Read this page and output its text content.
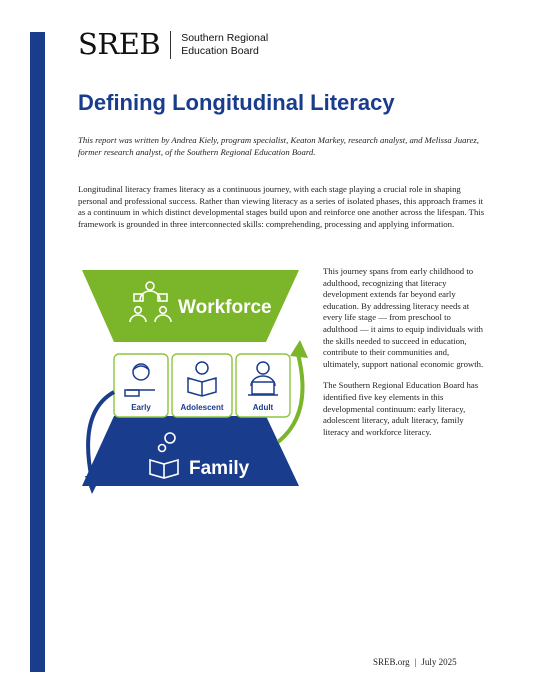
SREB Southern Regional
Education Board
Defining Longitudinal Literacy

This report was written by Andrea Kiely, program specialist, Keaton Markey, research analyst, and Melissa Juarez, former research analyst, of the Southern Regional Education Board.

Longitudinal literacy frames literacy as a continuous journey, with each stage playing a crucial role in shaping personal and professional success. Rather than viewing literacy as a series of isolated phases, this approach frames it as a continuum in which distinct developmental stages build upon and reinforce one another across the lifespan. This framework is grounded in three interconnected skills: comprehending, processing and applying information.

Workforce
Early	Adolescent	Adult
Family

This journey spans from early childhood to adulthood, recognizing that literacy development extends far beyond early education. By addressing literacy needs at every life stage — from preschool to adulthood — it aims to equip individuals with the skills needed to succeed in education, contribute to their communities and, ultimately, support national economic growth.

The Southern Regional Education Board has identified five key elements in this developmental continuum: early literacy, adolescent literacy, adult literacy, family literacy and workforce literacy.

SREB.org | July 2025
